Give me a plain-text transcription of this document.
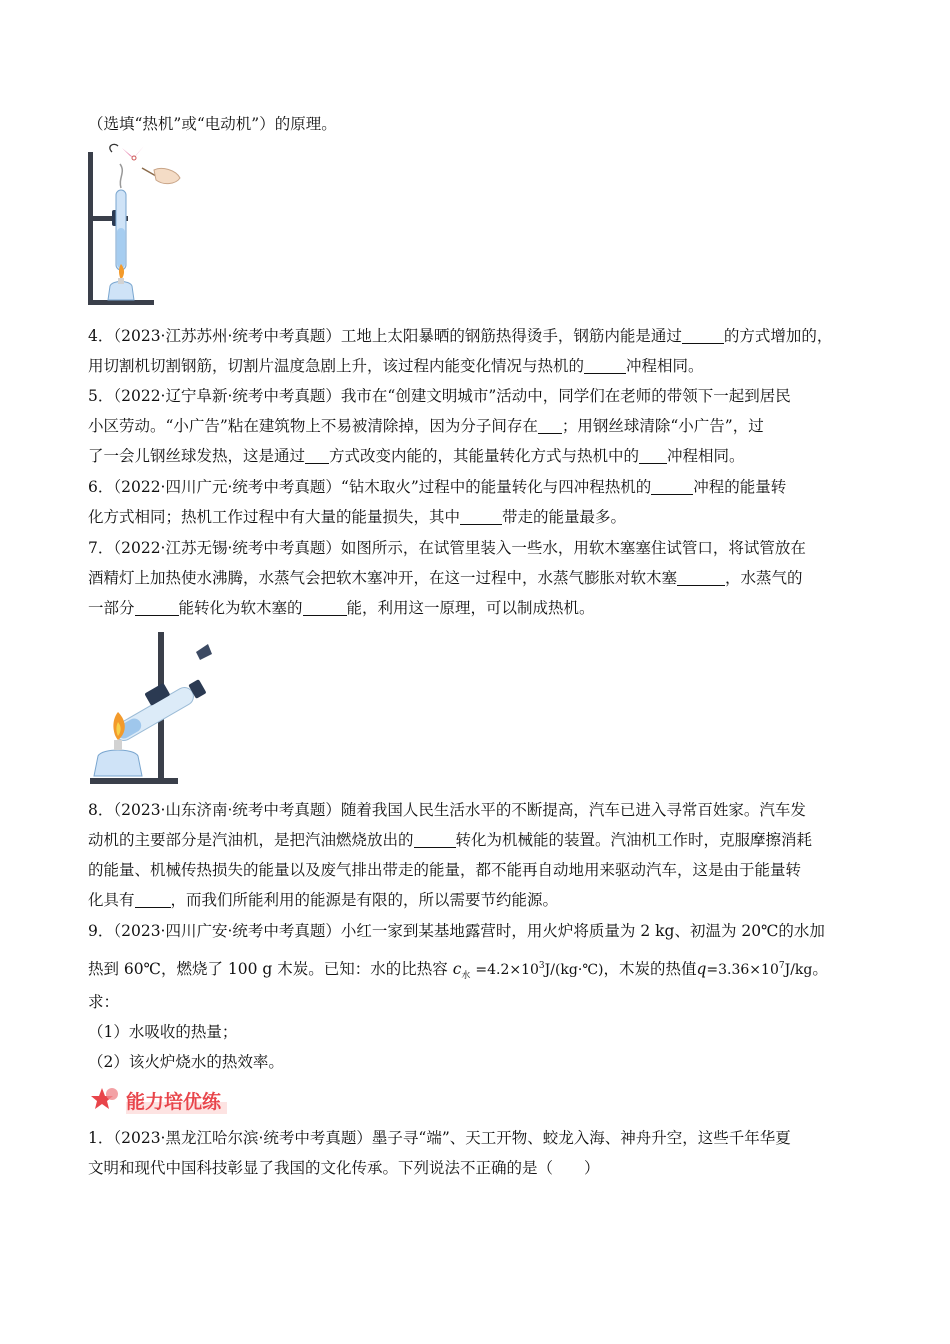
（选填“热机”或“电动机”）的原理。
4．（2023·江苏苏州·统考中考真题）工地上太阳暴晒的钢筋热得烫手，钢筋内能是通过	的方式增加的，
用切割机切割钢筋，切割片温度急剧上升，该过程内能变化情况与热机的	冲程相同。
5．（2022·辽宁阜新·统考中考真题）我市在“创建文明城市”活动中，同学们在老师的带领下一起到居民
小区劳动。“小广告”粘在建筑物上不易被清除掉，因为分子间存在 ；用钢丝球清除“小广告”，过
了一会儿钢丝球发热，这是通过 方式改变内能的，其能量转化方式与热机中的 冲程相同。
6．（2022·四川广元·统考中考真题）“钻木取火”过程中的能量转化与四冲程热机的	冲程的能量转
化方式相同；热机工作过程中有大量的能量损失，其中	带走的能量最多。
7．（2022·江苏无锡·统考中考真题）如图所示，在试管里装入一些水，用软木塞塞住试管口，将试管放在
酒精灯上加热使水沸腾，水蒸气会把软木塞冲开，在这一过程中，水蒸气膨胀对软木塞	，水蒸气的
一部分	能转化为软木塞的	能，利用这一原理，可以制成热机。
8．（2023·山东济南·统考中考真题）随着我国人民生活水平的不断提高，汽车已进入寻常百姓家。汽车发
动机的主要部分是汽油机，是把汽油燃烧放出的	转化为机械能的装置。汽油机工作时，克服摩擦消耗
的能量、机械传热损失的能量以及废气排出带走的能量，都不能再自动地用来驱动汽车，这是由于能量转
化具有 ，而我们所能利用的能源是有限的，所以需要节约能源。
9．（2023·四川广安·统考中考真题）小红一家到某基地露营时，用火炉将质量为 2 kg、初温为 20℃的水加
热到 60℃，燃烧了 100 g 木炭。已知：水的比热容 $c_水$ $=4.2\times 10^3J/(kg\cdot℃)$，木炭的热值$q=3.36\times 10^7J/kg$。
求：
（1）水吸收的热量；
（2）该火炉烧水的热效率。
能力培优练
1．（2023·黑龙江哈尔滨·统考中考真题）墨子寻“端”、天工开物、蛟龙入海、神舟升空，这些千年华夏
文明和现代中国科技彰显了我国的文化传承。下列说法不正确的是（　　）
